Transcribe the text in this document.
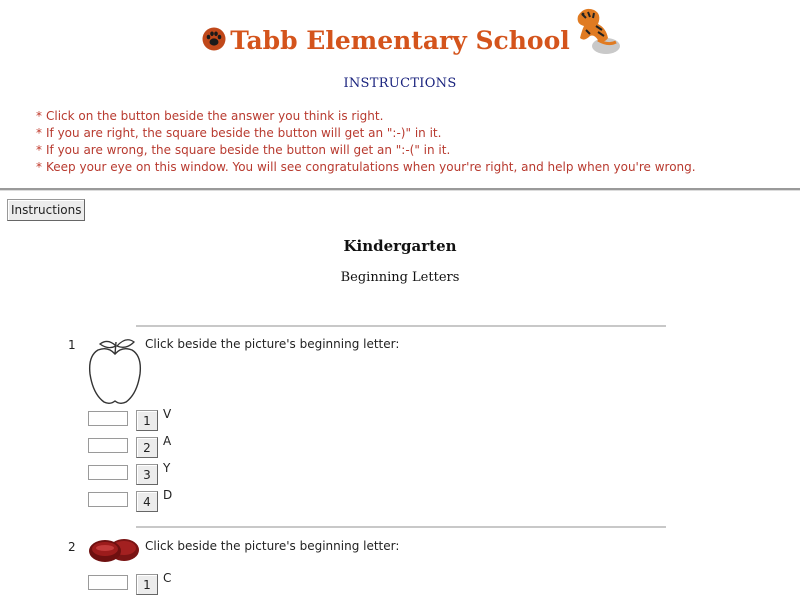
Tabb Elementary School
INSTRUCTIONS
* Click on the button beside the answer you think is right.
* If you are right, the square beside the button will get an ":-)" in it.
* If you are wrong, the square beside the button will get an ":-(" in it.
* Keep your eye on this window. You will see congratulations when your're right, and help when you're wrong.
Instructions
Kindergarten
Beginning Letters
1	Click beside the picture's beginning letter:
1	V
2	A
3	Y
4	D
2	Click beside the picture's beginning letter:
1	C
